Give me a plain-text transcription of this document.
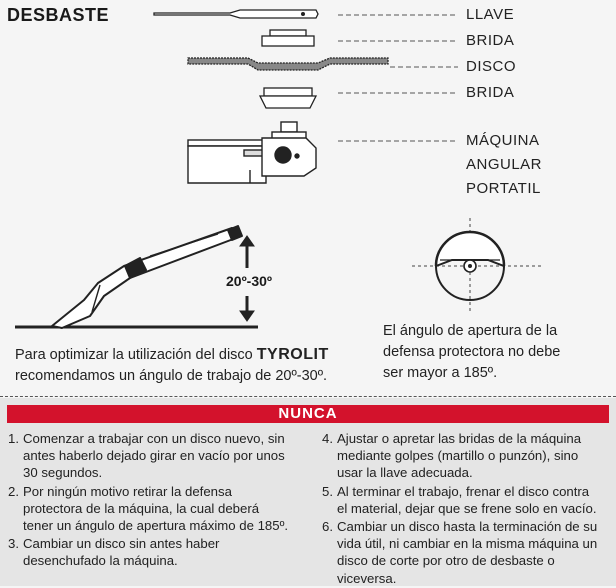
DESBASTE	LLAVE
BRIDA
DISCO
BRIDA
MÁQUINA
ANGULAR
PORTATIL
20º-30º
Para optimizar la utilización del disco TYROLIT
recomendamos un ángulo de trabajo de 20º-30º.
El ángulo de apertura de la
defensa protectora no debe
ser mayor a 185º.
NUNCA
1. Comenzar a trabajar con un disco nuevo, sin
antes haberlo dejado girar en vacío por unos
30 segundos.
2. Por ningún motivo retirar la defensa
protectora de la máquina, la cual deberá
tener un ángulo de apertura máximo de 185º.
3. Cambiar un disco sin antes haber
desenchufado la máquina.
4. Ajustar o apretar las bridas de la máquina
mediante golpes (martillo o punzón), sino
usar la llave adecuada.
5. Al terminar el trabajo, frenar el disco contra
el material, dejar que se frene solo en vacío.
6. Cambiar un disco hasta la terminación de su
vida útil, ni cambiar en la misma máquina un
disco de corte por otro de desbaste o viceversa.
